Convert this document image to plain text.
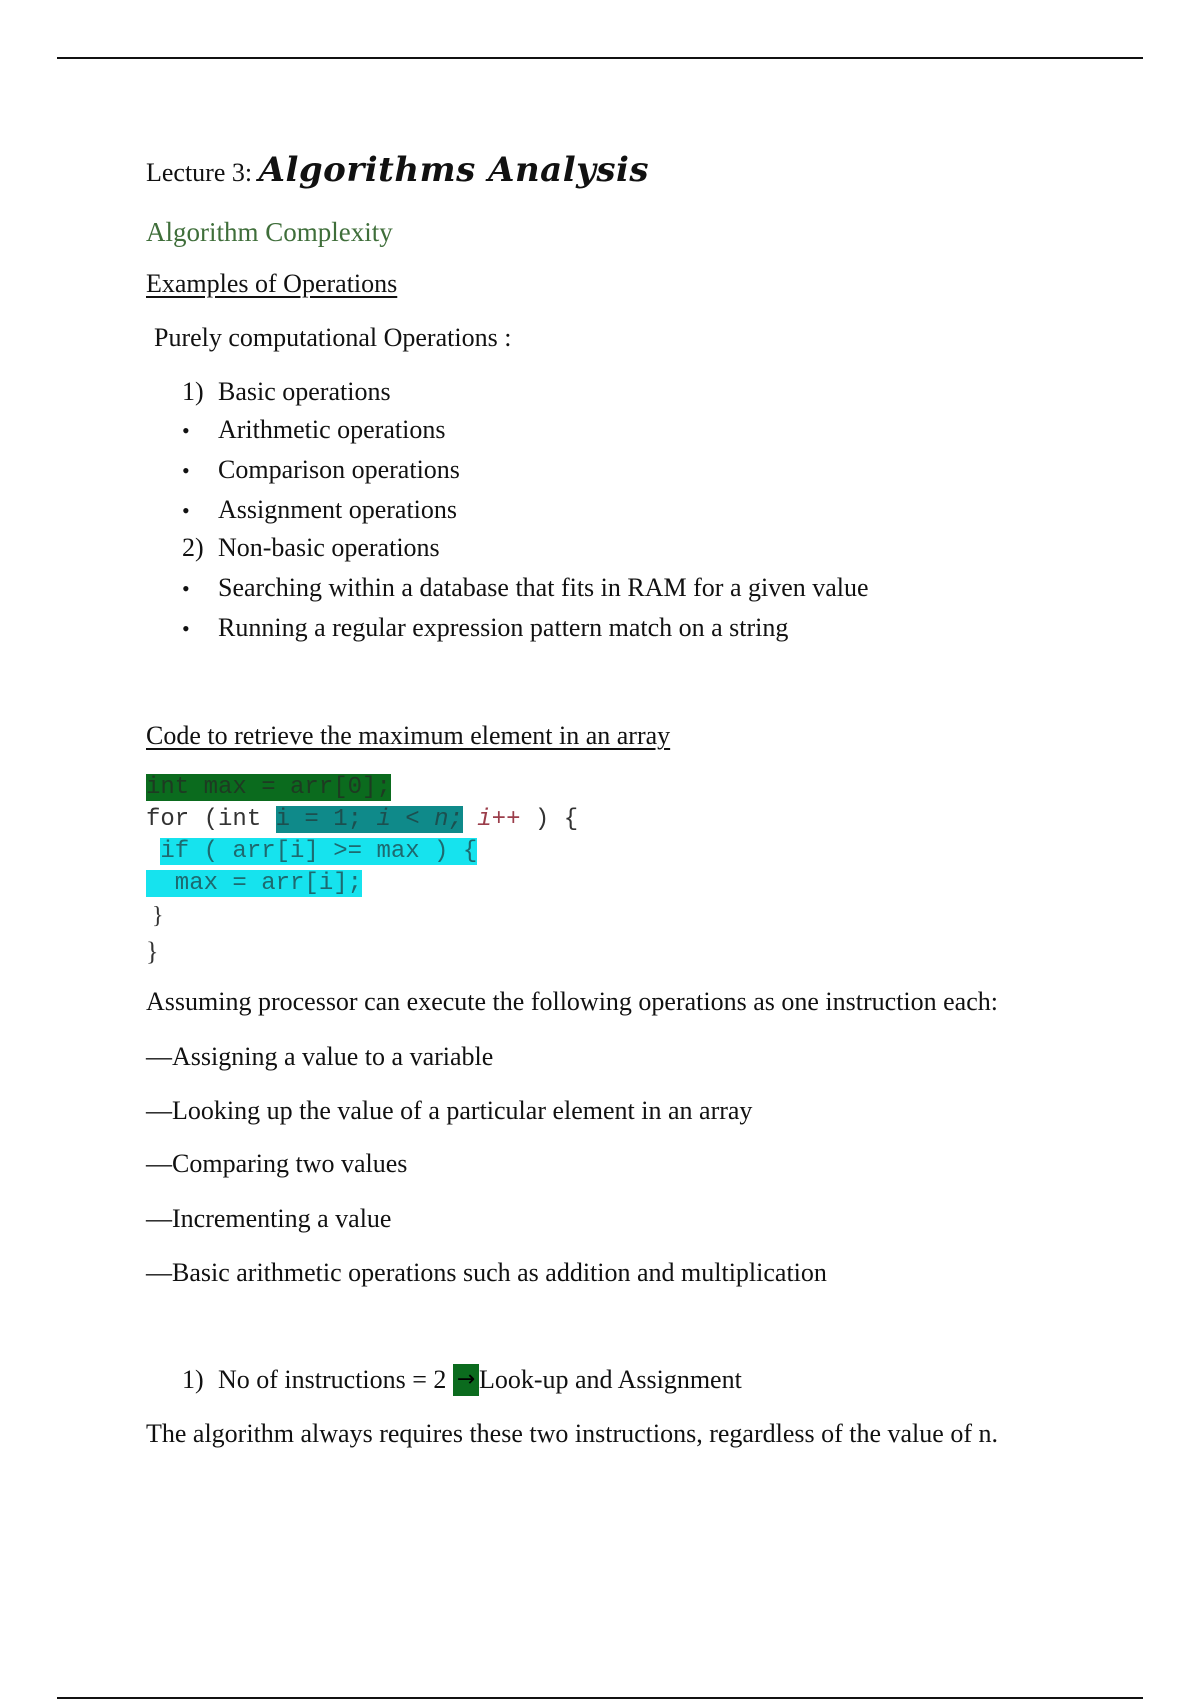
Lecture 3: Algorithms Analysis
Algorithm Complexity
Examples of Operations
Purely computational Operations :
1) Basic operations
• Arithmetic operations
• Comparison operations
• Assignment operations
2) Non-basic operations
• Searching within a database that fits in RAM for a given value
• Running a regular expression pattern match on a string
Code to retrieve the maximum element in an array
int max = arr[0];
for (int i = 1; i < n; i++ ) {
if ( arr[i] >= max ) {
max = arr[i];
}
}
Assuming processor can execute the following operations as one instruction each:
—Assigning a value to a variable
—Looking up the value of a particular element in an array
—Comparing two values
—Incrementing a value
—Basic arithmetic operations such as addition and multiplication
1) No of instructions = 2 → Look-up and Assignment
The algorithm always requires these two instructions, regardless of the value of n.
